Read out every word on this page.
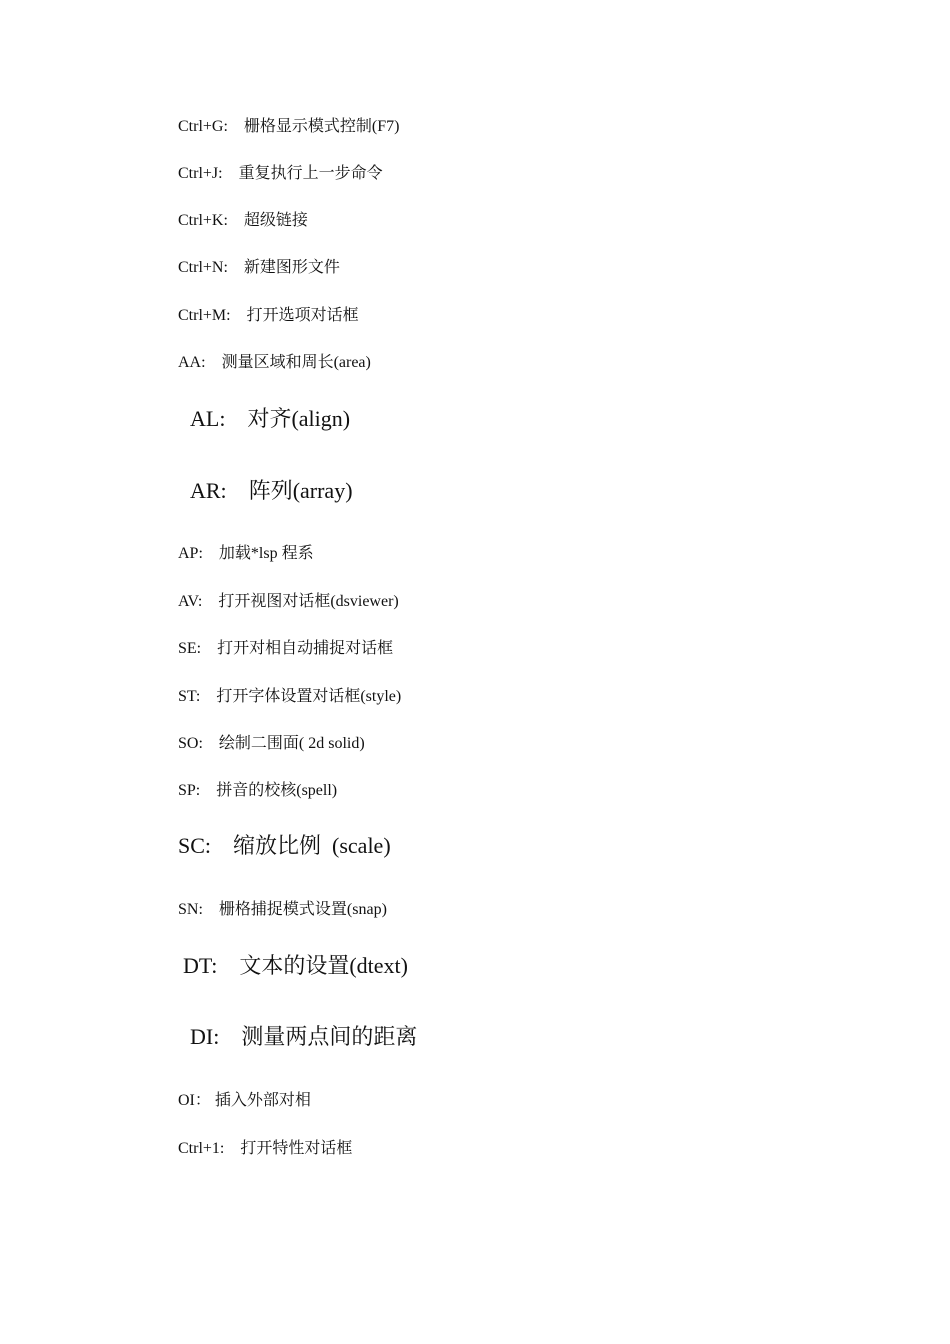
Ctrl+G: 栅格显示模式控制(F7)
Ctrl+J: 重复执行上一步命令
Ctrl+K: 超级链接
Ctrl+N: 新建图形文件
Ctrl+M: 打开选项对话框
AA: 测量区域和周长(area)
AL: 对齐(align)
AR: 阵列(array)
AP: 加载*lsp 程系
AV: 打开视图对话框(dsviewer)
SE: 打开对相自动捕捉对话框
ST: 打开字体设置对话框(style)
SO: 绘制二围面( 2d solid)
SP: 拼音的校核(spell)
SC: 缩放比例  (scale)
SN: 栅格捕捉模式设置(snap)
DT: 文本的设置(dtext)
DI: 测量两点间的距离
OI： 插入外部对相
Ctrl+1: 打开特性对话框
